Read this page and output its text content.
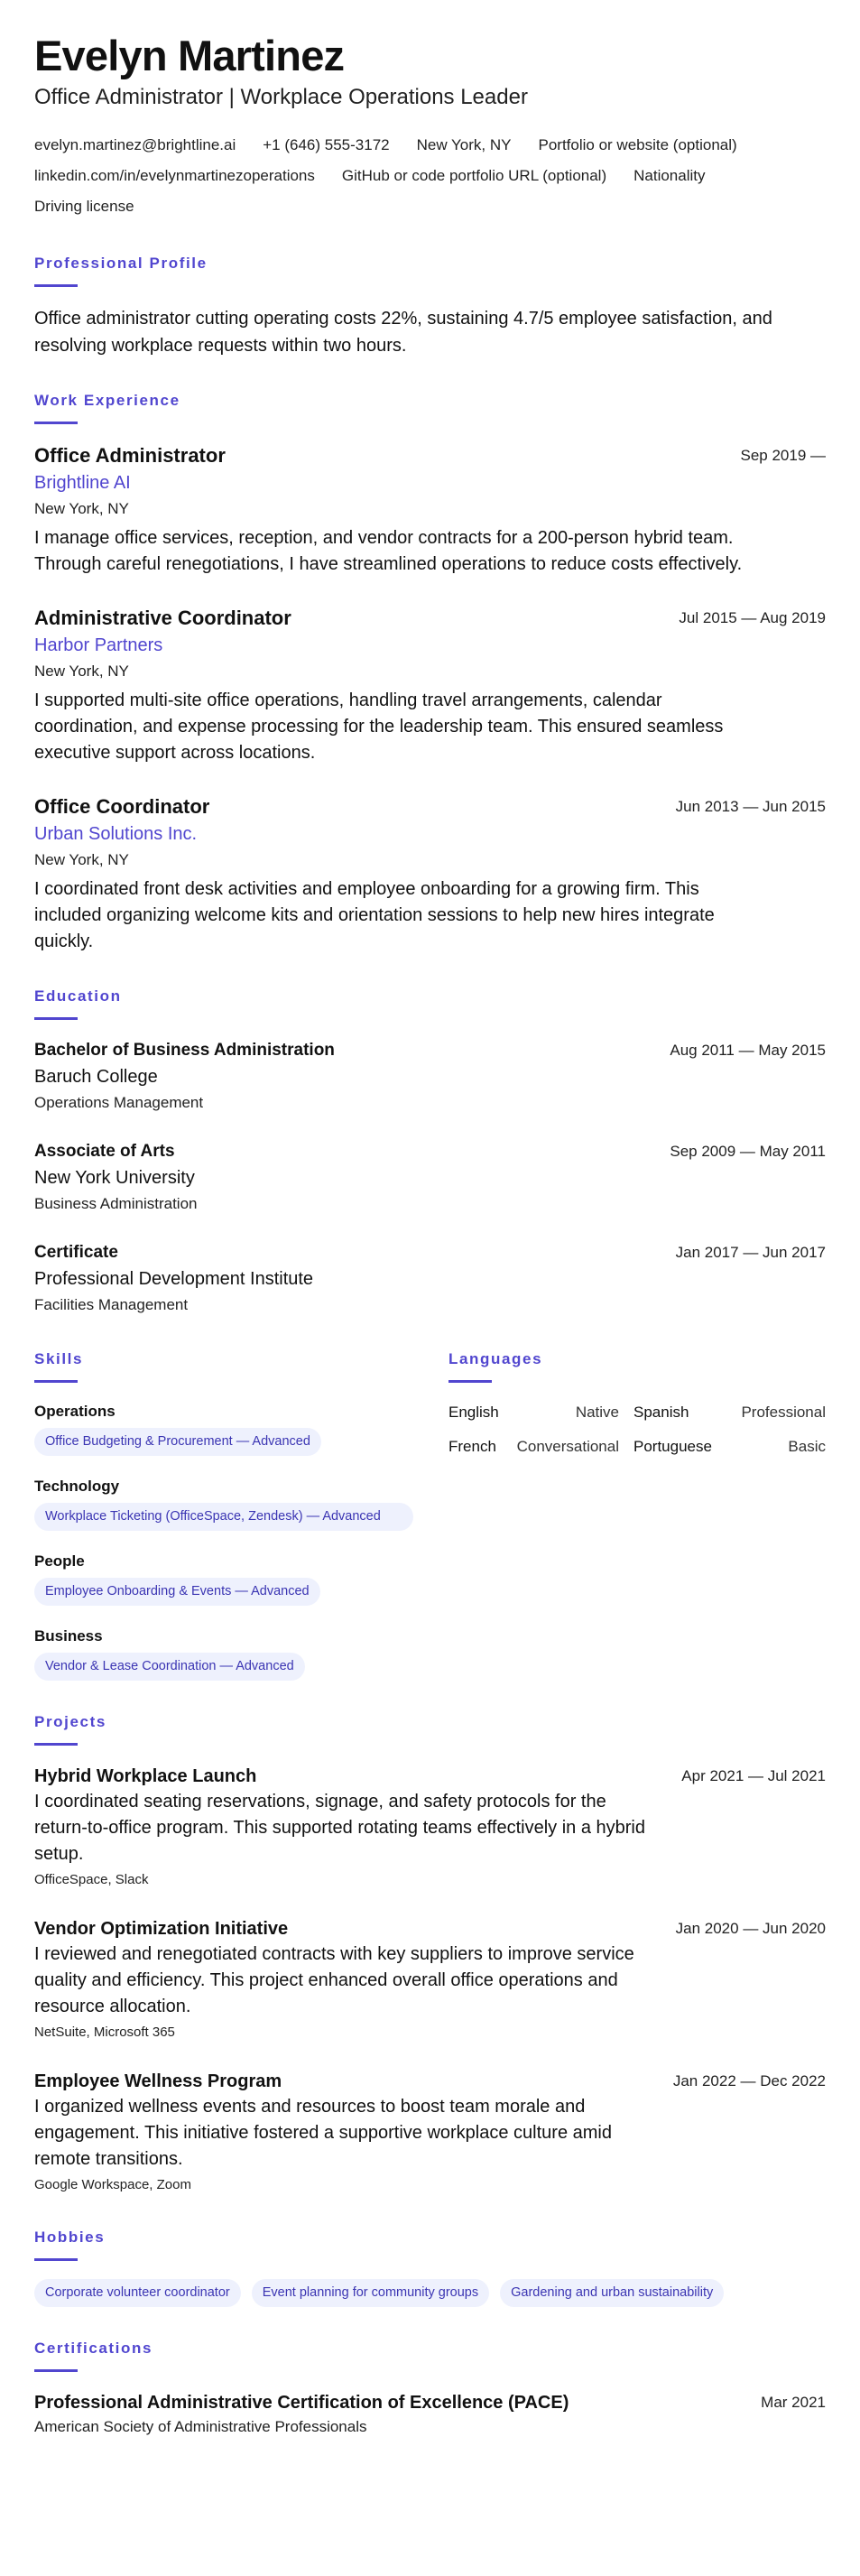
Evelyn Martinez
Office Administrator | Workplace Operations Leader
evelyn.martinez@brightline.ai +1 (646) 555-3172 New York, NY Portfolio or website (optional)
linkedin.com/in/evelynmartinezoperations GitHub or code portfolio URL (optional) Nationality
Driving license
Professional Profile

Office administrator cutting operating costs 22%, sustaining 4.7/5 employee satisfaction, and resolving workplace requests within two hours.

Work Experience
Office Administrator
Brightline AI
New York, NY

I manage office services, reception, and vendor contracts for a 200-person hybrid team. Through careful renegotiations, I have streamlined operations to reduce costs effectively.

Sep 2019 —
Administrative Coordinator
Harbor Partners
New York, NY

I supported multi-site office operations, handling travel arrangements, calendar coordination, and expense processing for the leadership team. This ensured seamless executive support across locations.

Jul 2015 — Aug 2019
Office Coordinator
Urban Solutions Inc.
New York, NY

I coordinated front desk activities and employee onboarding for a growing firm. This included organizing welcome kits and orientation sessions to help new hires integrate quickly.

Jun 2013 — Jun 2015
Education
Bachelor of Business Administration
Baruch College
Operations Management
Aug 2011 — May 2015
Associate of Arts
New York University
Business Administration
Sep 2009 — May 2011
Certificate
Professional Development Institute
Facilities Management
Jan 2017 — Jun 2017
Skills
Operations
Office Budgeting & Procurement — Advanced
Technology
Workplace Ticketing (OfficeSpace, Zendesk) — Advanced
People
Employee Onboarding & Events — Advanced
Business
Vendor & Lease Coordination — Advanced
Languages
English	Native Spanish	Professional
French Conversational Portuguese	Basic
Projects
Hybrid Workplace Launch

I coordinated seating reservations, signage, and safety protocols for the return-to-office program. This supported rotating teams effectively in a hybrid setup.

OfficeSpace, Slack
Apr 2021 — Jul 2021
Vendor Optimization Initiative

I reviewed and renegotiated contracts with key suppliers to improve service quality and efficiency. This project enhanced overall office operations and resource allocation.

NetSuite, Microsoft 365
Jan 2020 — Jun 2020
Employee Wellness Program

I organized wellness events and resources to boost team morale and engagement. This initiative fostered a supportive workplace culture amid remote transitions.

Google Workspace, Zoom
Jan 2022 — Dec 2022
Hobbies
Corporate volunteer coordinator	Event planning for community groups	Gardening and urban sustainability
Certifications
Professional Administrative Certification of Excellence (PACE)
American Society of Administrative Professionals
Mar 2021
